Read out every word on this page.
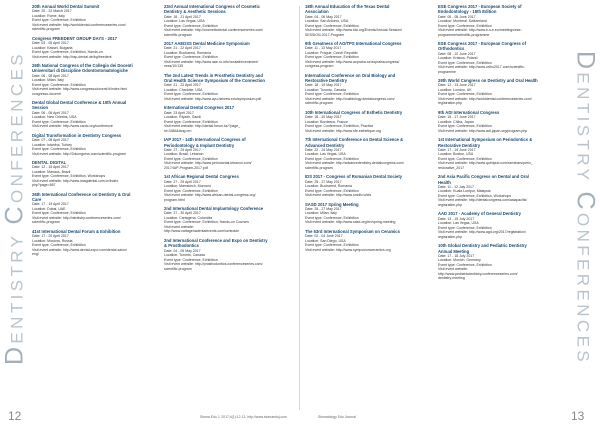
DENTISTRY CONFERENCES
20th Annual World Dental Summit
Date: 20 - 22 March 2017
Location: Rome, Italy
Event type: Conference, Exhibition
Visit event website: http://worlddental.conferenceseries.com/
scientific-program
Congress FREEDENT GROUP DAYS - 2017
Date: 03 - 05 April 2017
Location: Kassel, Bulgaria
Event type: Conference, Exhibition, Hands-on
Visit event website: http://bsp-dental.de/bg/freedent
26th National Congress of the Collegio dei Docenti Universitari di Discipline Odontostomatologiche
Date: 06 - 08 April 2017
Location: Milan, Italy
Event type: Conference, Exhibition
Visit event website: http://www.congressodocenti.it/index.html
congresso-docenti
Dental Global Dental Conference & 10th Annual Session
Date: 06 - 08 April 2017
Location: New Orleans, USA
Event type: Conference, Exhibition
Visit event website: http://www.cardc.org/conference
Digital Transformation in Dentistry Congress
Date: 07 - 08 April 2017
Location: Istanbul, Turkey
Event type: Conference, Exhibition
Visit event website: http://2dcongress.com/scientific-program
DENTAL DIGITAL
Date: 12 - 15 April 2017
Location: Manaus, Brazil
Event type: Conference, Exhibition, Workshops
Visit event website: http://www.imagdental.com.br/index.
php?page=567
26th International Conference on Dentistry & Oral Care
Date: 17 - 19 April 2017
Location: Dubai, UAE
Event type: Conference, Exhibition
Visit event website: http://dentistry.conferenceseries.com/
scientific-program
41st International Dental Forum & Exhibition
Date: 17 - 20 April 2017
Location: Moscow, Russia
Event type: Conference, Exhibition
Visit event website: http://www.dental-expo.com/dental-salon/
eng/
23rd Annual International Congress of Cosmetic Dentistry & Aesthetic Sessions
Date: 18 - 21 April 2017
Location: Las Vegas, USA
Event type: Conference, Exhibition
Visit event website: http://cosmeticdental.conferenceseries.com/
scientific-program
2017 AAEDSS Dental Medicine Symposium
Date: 21 - 22 April 2017
Location: Bucharest, Romania
Event type: Conference, Exhibition
Visit event website: http://www.aae-ro.info/noutati/eveniment/
ness/10/135
The 2nd Latest Trends in Prosthetic Dentistry and Oral Health Science Symposium of the Connection
Date: 21 - 22 April 2017
Location: Charlotte, USA
Event type: Conference, Exhibition
Visit event website: http://www.ayu.hebrew.edu/symposium.pdf
International Dental Congress 2017
Date: 23 April 2017
Location: Riyadh, Saudi
Event type: Conference, Exhibition
Visit event website: http://dental.forum.kz/?page_
id=3484&lang=en
IAP 2017 - 14th International Congress of Periodontology & Implant Dentistry
Date: 27 - 29 April 2017
Location: Brasil, Lebanon
Event type: Conference, Exhibition
Visit event website: http://www.periodontal-lebanon.com/
2017/IAP-Program-2017.pdf
1st African Regional Dental Congress
Date: 27 - 29 April 2017
Location: Marrakech, Morocco
Event type: Conference, Exhibition
Visit event website: http://www.african-dental-congress.org/
program.html
2nd International Dental Implantology Conference
Date: 27 - 30 April 2017
Location: Cartagena, Colombia
Event type: Conference, Exhibition, Hands-on Courses
Visit event website: http://www.cartagenadentalevents.com/schedule
2nd International Conference and Expo on Dentistry & Prosthodontics
Date: 04 - 05 May 2017
Location: Toronto, Canada
Event type: Conference, Exhibition
Visit event website: http://prosthodontics.conferenceseries.com/
scientific-program
18th Annual Education of the Texas Dental Association
Date: 04 - 06 May 2017
Location: San Antonio, USA
Event type: Conference, Exhibition
Visit event website: http://www.tda.org/Events/Annual-Session/
SESSION-2017-Program
9th Greatness of AO/TPS International Congress
Date: 11 - 13 May 2017
Location: Prague, Czech Republic
Event type: Conference, Exhibition
Visit event website: http://www.aopraha.cz/aoprahacongress/
congress-program
International Conference on Oral Biology and Restorative Dentistry
Date: 18 - 19 May 2017
Location: Toronto, Canada
Event type: Conference, Exhibition
Visit event website: http://oralbiology.dentalcongress.com/
scientific-program
10th International Congress of Esthetic Dentistry
Date: 18 - 20 May 2017
Location: Bordeaux, France
Event type: Conference, Exhibition, Practice
Visit event website: http://www.sfe-esthetique.org
7th International Conference on Dental Science & Advanced Dentistry
Date: 22 - 24 May 2017
Location: Las Vegas, USA
Event type: Conference, Exhibition
Visit event website: http://advancedentistry.dentalcongress.com/
scientific-program
IDS 2017 - Congress of Romanian Dental Society
Date: 25 - 27 May 2017
Location: Bucharest, Romania
Event type: Conference, Exhibition
Visit event website: http://www.smdb.ro/ids
SASD 2017 Spring Meeting
Date: 25 - 27 May 2017
Location: Milan, Italy
Event type: Conference, Exhibition
Visit event website: http://www.sasd.org/en/spring-meeting
The 53rd International Symposium on Ceramics
Date: 02 - 04 June 2017
Location: San Diego, USA
Event type: Conference, Exhibition
Visit event website: http://www.symposiumceramics.org
ESE Congress 2017 - European Society of Endodontology - 18th Edition
Date: 05 - 08 June 2017
Location: Montreal, Switzerland
Event type: Conference, Exhibition
Visit event website: http://www.e-s-e.eu/meetings/ese-
programme/scientific-programme
ESE Congress 2017 - European Congress of Orthodontics
Date: 08 - 10 June 2017
Location: Krakow, Poland
Event type: Conference, Exhibition
Visit event website: http://www.ortho2017.com/scientific-
programme
29th World Congress on Dentistry and Oral Health
Date: 12 - 13 June 2017
Location: London, UK
Event type: Conference, Exhibition
Visit event website: http://worlddental.conferenceseries.com/
registration.php
9th ADI International Congress
Date: 15 - 17 June 2017
Location: Chiba, Japan
Event type: Conference, Exhibition
Visit event website: http://www.adi-japan.org/program.php
1st International Symposium on Periodontics & Restorative Dentistry
Date: 17 - 19 June 2017
Location: Boston, USA
Event type: Conference, Exhibition
Visit event website: http://www.quintpub.com/seminars/perio_
restorative_2017
2nd Asia Pacific Congress on Dental and Oral Health
Date: 11 - 12 July 2017
Location: Kuala Lumpur, Malaysia
Event type: Conference, Exhibition, Workshops
Visit event website: http://dentalcongress.com/asiapacific/
registration.php
AAD 2017 - Academy of General Dentistry
Date: 13 - 15 July 2017
Location: Las Vegas, USA
Event type: Conference, Exhibition
Visit event website: http://www.agd.org/2017/registration/
registration.php
10th Global Dentistry and Pediatric Dentistry Annual Meeting
Date: 17 - 18 July 2017
Location: Munich, Germany
Event type: Conference, Exhibition
Visit event website: http://www.pediatricdentistry.conferenceseries.com/
dentistry-meeting
DENTISTRY CONFERENCES
12	Stoma Edu J. 2017;4(1):12-13. http://www.stomaeduj.com	Stomatology Edu Journal	13
